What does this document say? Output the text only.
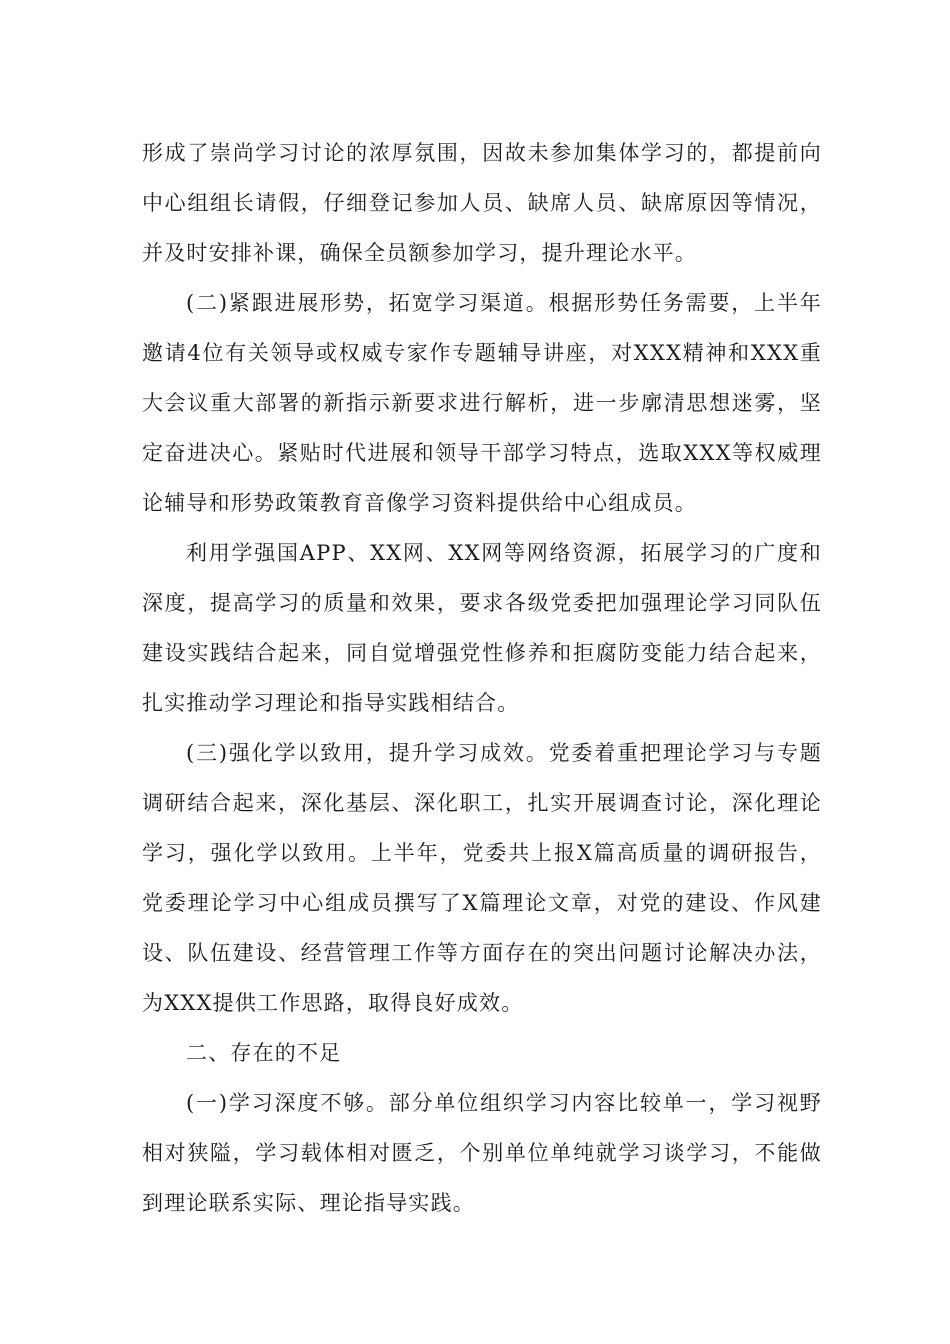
形成了崇尚学习讨论的浓厚氛围，因故未参加集体学习的，都提前向中心组组长请假，仔细登记参加人员、缺席人员、缺席原因等情况，并及时安排补课，确保全员额参加学习，提升理论水平。

(二)紧跟进展形势，拓宽学习渠道。根据形势任务需要，上半年邀请4位有关领导或权威专家作专题辅导讲座，对XXX精神和XXX重大会议重大部署的新指示新要求进行解析，进一步廓清思想迷雾，坚定奋进决心。紧贴时代进展和领导干部学习特点，选取XXX等权威理论辅导和形势政策教育音像学习资料提供给中心组成员。

利用学强国APP、XX网、XX网等网络资源，拓展学习的广度和深度，提高学习的质量和效果，要求各级党委把加强理论学习同队伍建设实践结合起来，同自觉增强党性修养和拒腐防变能力结合起来，扎实推动学习理论和指导实践相结合。

(三)强化学以致用，提升学习成效。党委着重把理论学习与专题调研结合起来，深化基层、深化职工，扎实开展调查讨论，深化理论学习，强化学以致用。上半年，党委共上报X篇高质量的调研报告，党委理论学习中心组成员撰写了X篇理论文章，对党的建设、作风建设、队伍建设、经营管理工作等方面存在的突出问题讨论解决办法，为XXX提供工作思路，取得良好成效。

二、存在的不足

(一)学习深度不够。部分单位组织学习内容比较单一，学习视野相对狭隘，学习载体相对匮乏，个别单位单纯就学习谈学习，不能做到理论联系实际、理论指导实践。
